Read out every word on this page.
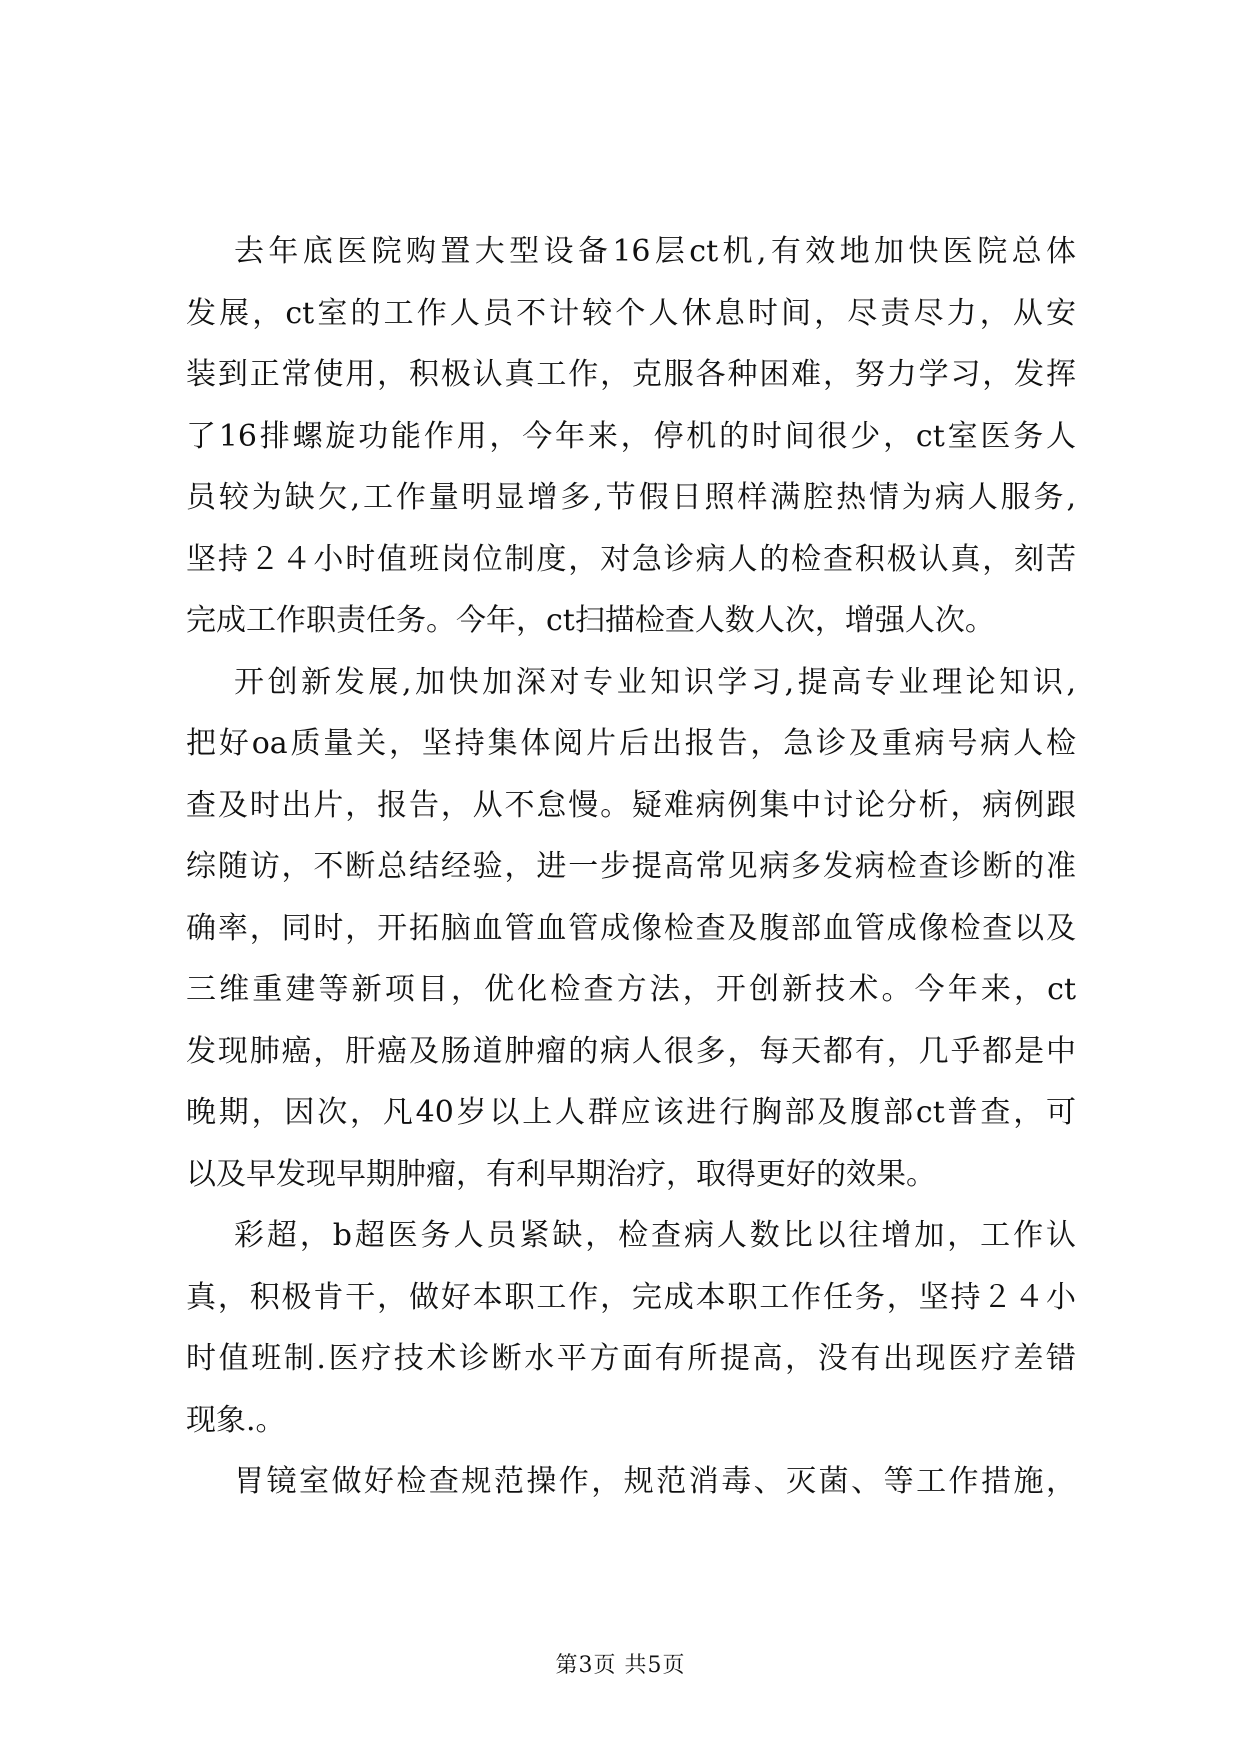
去年底医院购置大型设备16层ct机,有效地加快医院总体
发展，ct室的工作人员不计较个人休息时间，尽责尽力，从安
装到正常使用，积极认真工作，克服各种困难，努力学习，发挥
了16排螺旋功能作用，今年来，停机的时间很少，ct室医务人
员较为缺欠,工作量明显增多,节假日照样满腔热情为病人服务,
坚持２４小时值班岗位制度，对急诊病人的检查积极认真，刻苦
完成工作职责任务。今年，ct扫描检查人数人次，增强人次。
开创新发展,加快加深对专业知识学习,提高专业理论知识,
把好oa质量关，坚持集体阅片后出报告，急诊及重病号病人检
查及时出片，报告，从不怠慢。疑难病例集中讨论分析，病例跟
综随访，不断总结经验，进一步提高常见病多发病检查诊断的准
确率，同时，开拓脑血管血管成像检查及腹部血管成像检查以及
三维重建等新项目，优化检查方法，开创新技术。今年来，ct
发现肺癌，肝癌及肠道肿瘤的病人很多，每天都有，几乎都是中
晚期，因次，凡40岁以上人群应该进行胸部及腹部ct普查，可
以及早发现早期肿瘤，有利早期治疗，取得更好的效果。
彩超，b超医务人员紧缺，检查病人数比以往增加，工作认
真，积极肯干，做好本职工作，完成本职工作任务，坚持２４小
时值班制.医疗技术诊断水平方面有所提高，没有出现医疗差错
现象.。
胃镜室做好检查规范操作，规范消毒、灭菌、等工作措施，
第3页 共5页
